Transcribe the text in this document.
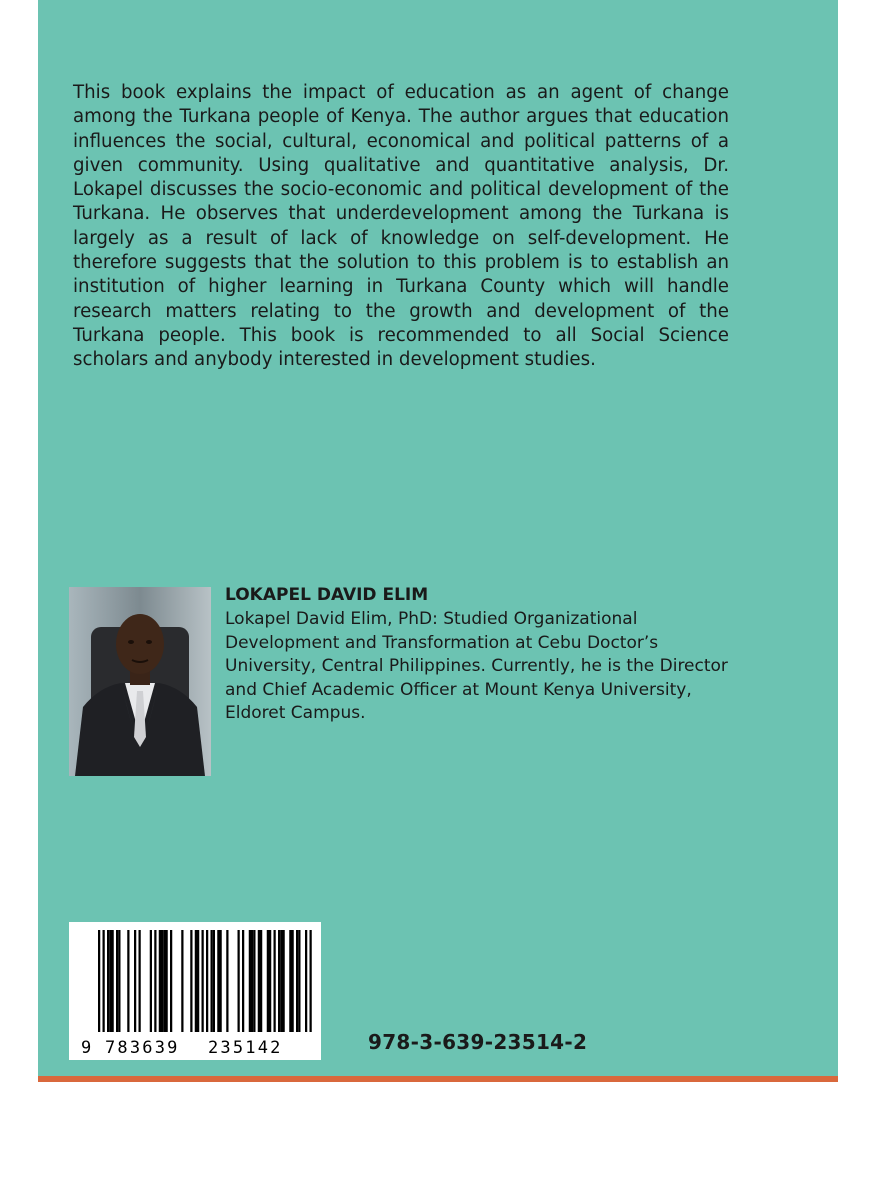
This book explains the impact of education as an agent of change among the Turkana people of Kenya. The author argues that education influences the social, cultural, economical and political patterns of a given community. Using qualitative and quantitative analysis, Dr. Lokapel discusses the socio-economic and political development of the Turkana. He observes that underdevelopment among the Turkana is largely as a result of lack of knowledge on self-development. He therefore suggests that the solution to this problem is to establish an institution of higher learning in Turkana County which will handle research matters relating to the growth and development of the Turkana people. This book is recommended to all Social Science scholars and anybody interested in development studies.

LOKAPEL DAVID ELIM

Lokapel David Elim, PhD: Studied Organizational Development and Transformation at Cebu Doctor’s University, Central Philippines. Currently, he is the Director and Chief Academic Officer at Mount Kenya University, Eldoret Campus.

9 783639 235142	978-3-639-23514-2
